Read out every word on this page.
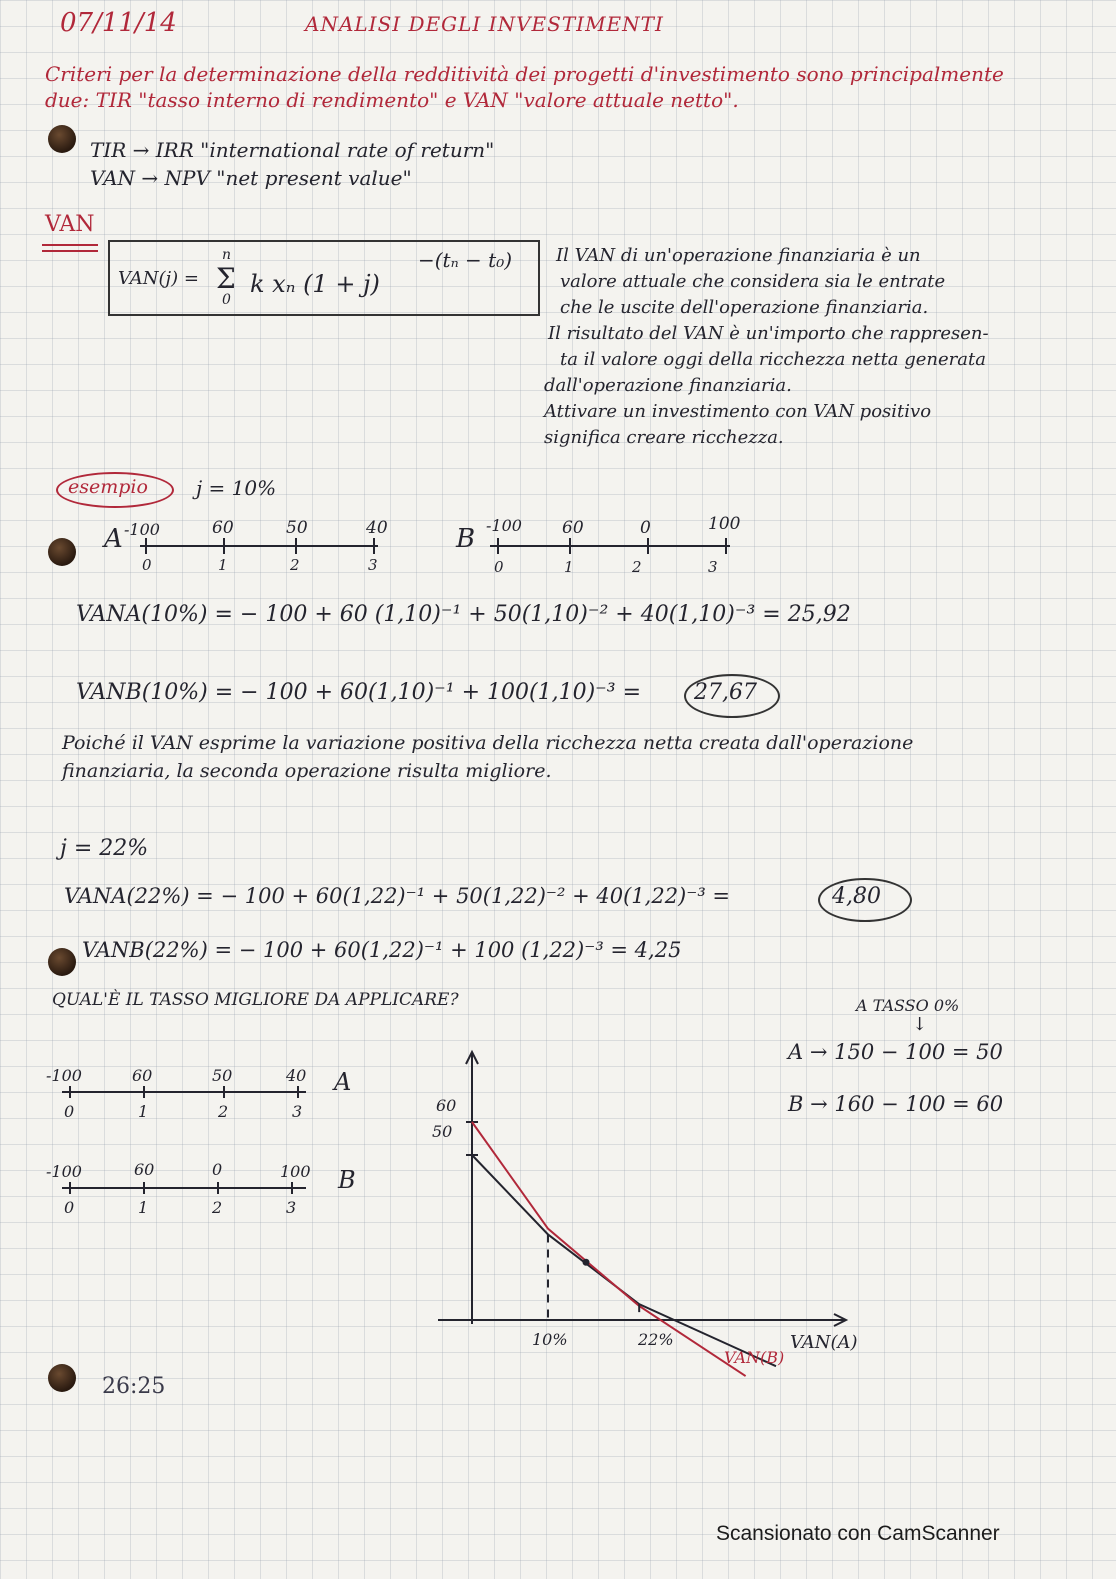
07/11/14	ANALISI DEGLI INVESTIMENTI
Criteri per la determinazione della redditività dei progetti d'investimento sono principalmente
due: TIR "tasso interno di rendimento" e VAN "valore attuale netto".
TIR → IRR "international rate of return"
VAN → NPV "net present value"
VAN
VAN(j) =
n
Σ
0
k xₙ (1 + j)
−(tₙ − t₀) Il VAN di un'operazione finanziaria è un
valore attuale che considera sia le entrate
che le uscite dell'operazione finanziaria.
Il risultato del VAN è un'importo che rappresen-
ta il valore oggi della ricchezza netta generata
dall'operazione finanziaria.
Attivare un investimento con VAN positivo
significa creare ricchezza.
esempio j = 10%
A -100	60	50	40
0	1	2	3
B -100 60	0	100
0	1	2	3
VANA(10%) = − 100 + 60 (1,10)⁻¹ + 50(1,10)⁻² + 40(1,10)⁻³ = 25,92
VANB(10%) = − 100 + 60(1,10)⁻¹ + 100(1,10)⁻³ = 27,67
Poiché il VAN esprime la variazione positiva della ricchezza netta creata dall'operazione
finanziaria, la seconda operazione risulta migliore.
j = 22%
VANA(22%) = − 100 + 60(1,22)⁻¹ + 50(1,22)⁻² + 40(1,22)⁻³ =	4,80
VANB(22%) = − 100 + 60(1,22)⁻¹ + 100 (1,22)⁻³ = 4,25
QUAL'È IL TASSO MIGLIORE DA APPLICARE?	A TASSO 0%
↓
A → 150 − 100 = 50
B → 160 − 100 = 60
-100	60	50	40 A
0	1	2	3
-100	60	0	100 B
0	1	2	3
60
50
10%	22%
VAN(B)
VAN(A)
26:25
Scansionato con CamScanner
